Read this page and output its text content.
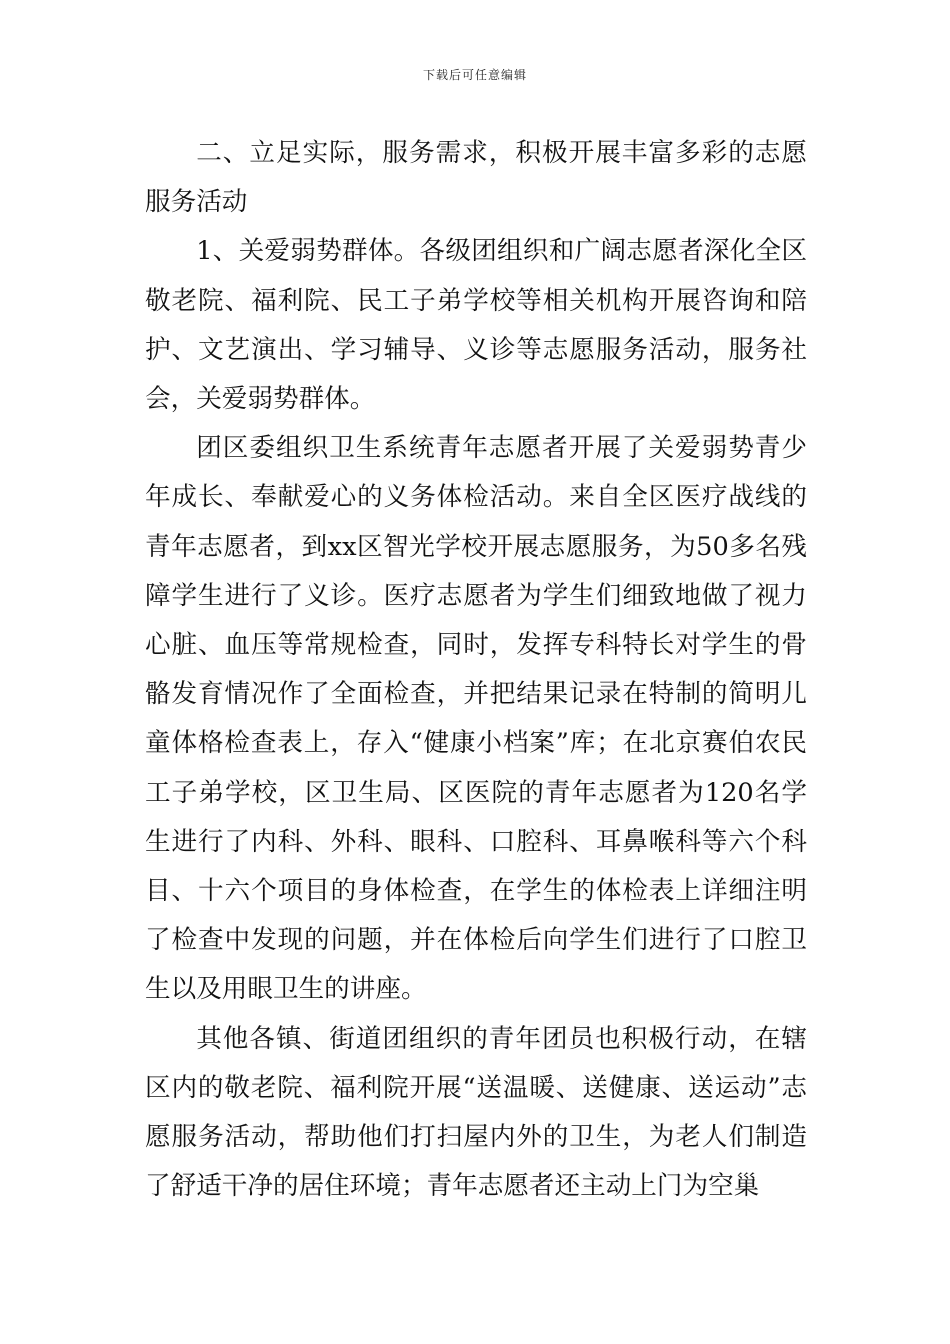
下载后可任意编辑

二、立足实际，服务需求，积极开展丰富多彩的志愿服务活动

1、关爱弱势群体。各级团组织和广阔志愿者深化全区敬老院、福利院、民工子弟学校等相关机构开展咨询和陪护、文艺演出、学习辅导、义诊等志愿服务活动，服务社会，关爱弱势群体。

团区委组织卫生系统青年志愿者开展了关爱弱势青少年成长、奉献爱心的义务体检活动。来自全区医疗战线的青年志愿者，到xx区智光学校开展志愿服务，为50多名残障学生进行了义诊。医疗志愿者为学生们细致地做了视力心脏、血压等常规检查，同时，发挥专科特长对学生的骨骼发育情况作了全面检查，并把结果记录在特制的简明儿童体格检查表上，存入“健康小档案”库；在北京赛伯农民工子弟学校，区卫生局、区医院的青年志愿者为120名学生进行了内科、外科、眼科、口腔科、耳鼻喉科等六个科目、十六个项目的身体检查，在学生的体检表上详细注明了检查中发现的问题，并在体检后向学生们进行了口腔卫生以及用眼卫生的讲座。

其他各镇、街道团组织的青年团员也积极行动，在辖区内的敬老院、福利院开展“送温暖、送健康、送运动”志愿服务活动，帮助他们打扫屋内外的卫生，为老人们制造了舒适干净的居住环境；青年志愿者还主动上门为空巢
